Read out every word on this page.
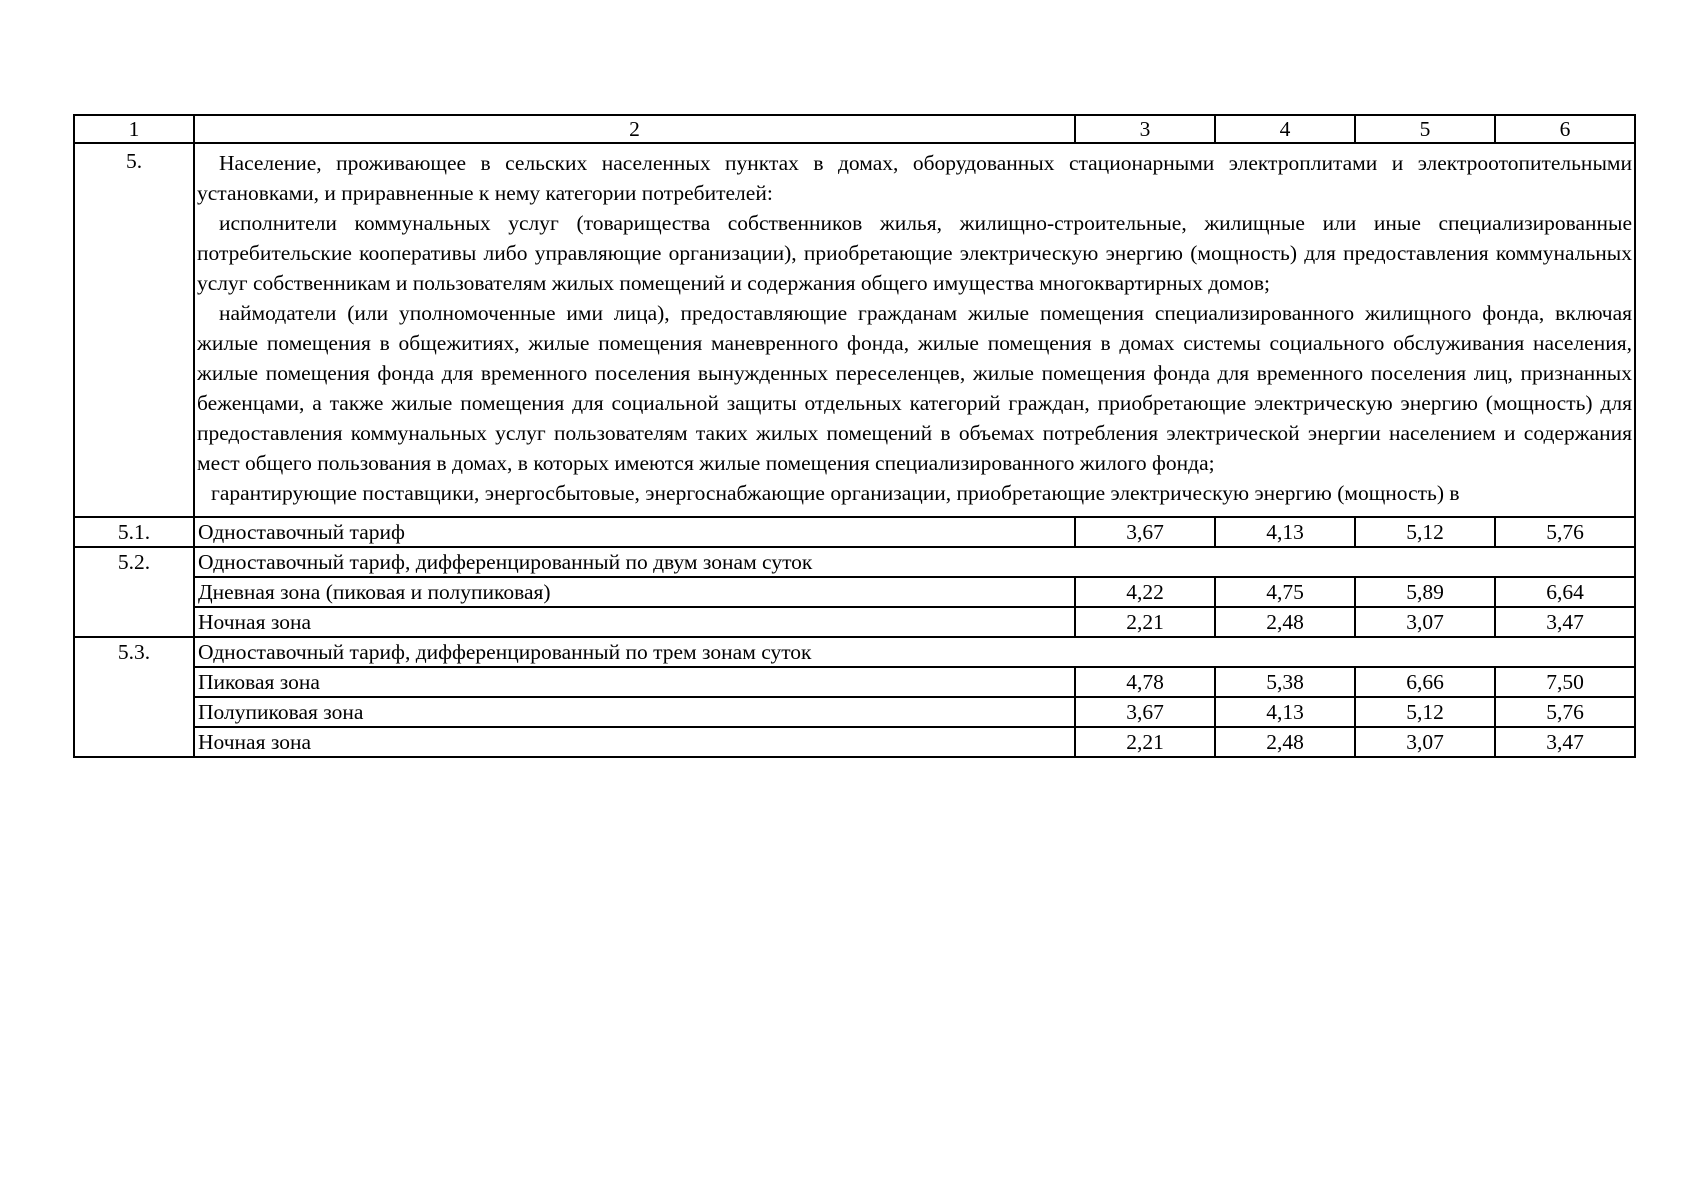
1	2	3	4	5	6
5.	Население, проживающее в сельских населенных пунктах в домах, оборудованных стационарными электроплитами и электроотопительными установками, и приравненные к нему категории потребителей:

исполнители коммунальных услуг (товарищества собственников жилья, жилищно-строительные, жилищные или иные специализированные потребительские кооперативы либо управляющие организации), приобретающие электрическую энергию (мощность) для предоставления коммунальных услуг собственникам и пользователям жилых помещений и содержания общего имущества многоквартирных домов;

наймодатели (или уполномоченные ими лица), предоставляющие гражданам жилые помещения специализированного жилищного фонда, включая жилые помещения в общежитиях, жилые помещения маневренного фонда, жилые помещения в домах системы социального обслуживания населения, жилые помещения фонда для временного поселения вынужденных переселенцев, жилые помещения фонда для временного поселения лиц, признанных беженцами, а также жилые помещения для социальной защиты отдельных категорий граждан, приобретающие электрическую энергию (мощность) для предоставления коммунальных услуг пользователям таких жилых помещений в объемах потребления электрической энергии населением и содержания мест общего пользования в домах, в которых имеются жилые помещения специализированного жилого фонда;

гарантирующие поставщики, энергосбытовые, энергоснабжающие организации, приобретающие электрическую энергию (мощность) в				

5.1.	Одноставочный тариф	3,67	4,13	5,12	5,76
5.2.	Одноставочный тариф, дифференцированный по двум зонам суток				
	Дневная зона (пиковая и полупиковая)	4,22	4,75	5,89	6,64
	Ночная зона	2,21	2,48	3,07	3,47
5.3.	Одноставочный тариф, дифференцированный по трем зонам суток				
	Пиковая зона	4,78	5,38	6,66	7,50
	Полупиковая зона	3,67	4,13	5,12	5,76
	Ночная зона	2,21	2,48	3,07	3,47
